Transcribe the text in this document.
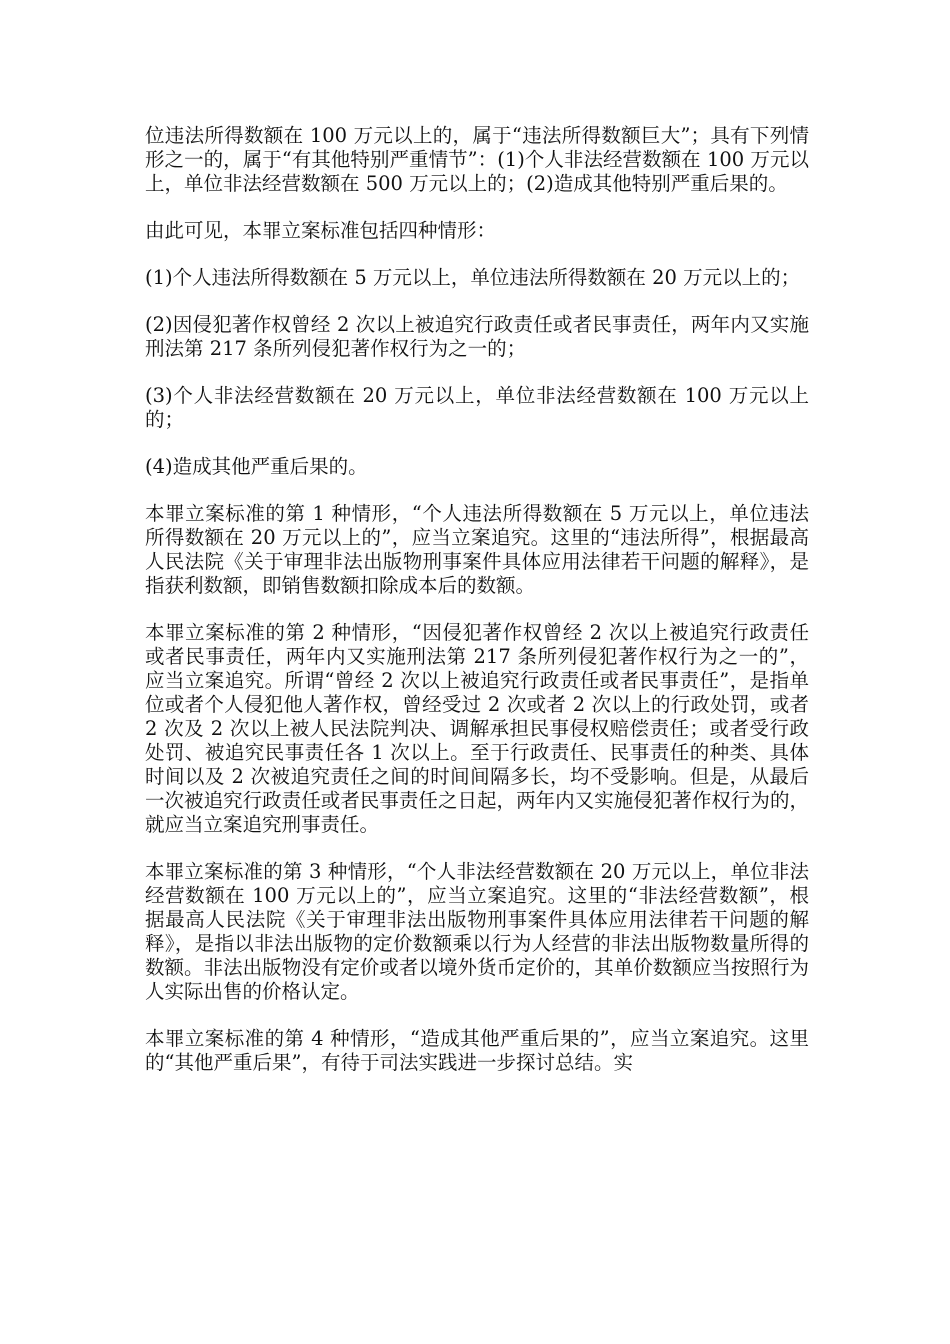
位违法所得数额在 100 万元以上的，属于“违法所得数额巨大”；具有下列情形之一的，属于“有其他特别严重情节”：(1)个人非法经营数额在 100 万元以上，单位非法经营数额在 500 万元以上的；(2)造成其他特别严重后果的。

由此可见，本罪立案标准包括四种情形：

(1)个人违法所得数额在 5 万元以上，单位违法所得数额在 20 万元以上的；

(2)因侵犯著作权曾经 2 次以上被追究行政责任或者民事责任，两年内又实施刑法第 217 条所列侵犯著作权行为之一的；

(3)个人非法经营数额在 20 万元以上，单位非法经营数额在 100 万元以上的；

(4)造成其他严重后果的。

本罪立案标准的第 1 种情形，“个人违法所得数额在 5 万元以上，单位违法所得数额在 20 万元以上的”，应当立案追究。这里的“违法所得”，根据最高人民法院《关于审理非法出版物刑事案件具体应用法律若干问题的解释》，是指获利数额，即销售数额扣除成本后的数额。

本罪立案标准的第 2 种情形，“因侵犯著作权曾经 2 次以上被追究行政责任或者民事责任，两年内又实施刑法第 217 条所列侵犯著作权行为之一的”，应当立案追究。所谓“曾经 2 次以上被追究行政责任或者民事责任”，是指单位或者个人侵犯他人著作权，曾经受过 2 次或者 2 次以上的行政处罚，或者 2 次及 2 次以上被人民法院判决、调解承担民事侵权赔偿责任；或者受行政处罚、被追究民事责任各 1 次以上。至于行政责任、民事责任的种类、具体时间以及 2 次被追究责任之间的时间间隔多长，均不受影响。但是，从最后一次被追究行政责任或者民事责任之日起，两年内又实施侵犯著作权行为的，就应当立案追究刑事责任。

本罪立案标准的第 3 种情形，“个人非法经营数额在 20 万元以上，单位非法经营数额在 100 万元以上的”，应当立案追究。这里的“非法经营数额”，根据最高人民法院《关于审理非法出版物刑事案件具体应用法律若干问题的解释》，是指以非法出版物的定价数额乘以行为人经营的非法出版物数量所得的数额。非法出版物没有定价或者以境外货币定价的，其单价数额应当按照行为人实际出售的价格认定。

本罪立案标准的第 4 种情形，“造成其他严重后果的”，应当立案追究。这里的“其他严重后果”，有待于司法实践进一步探讨总结。实
